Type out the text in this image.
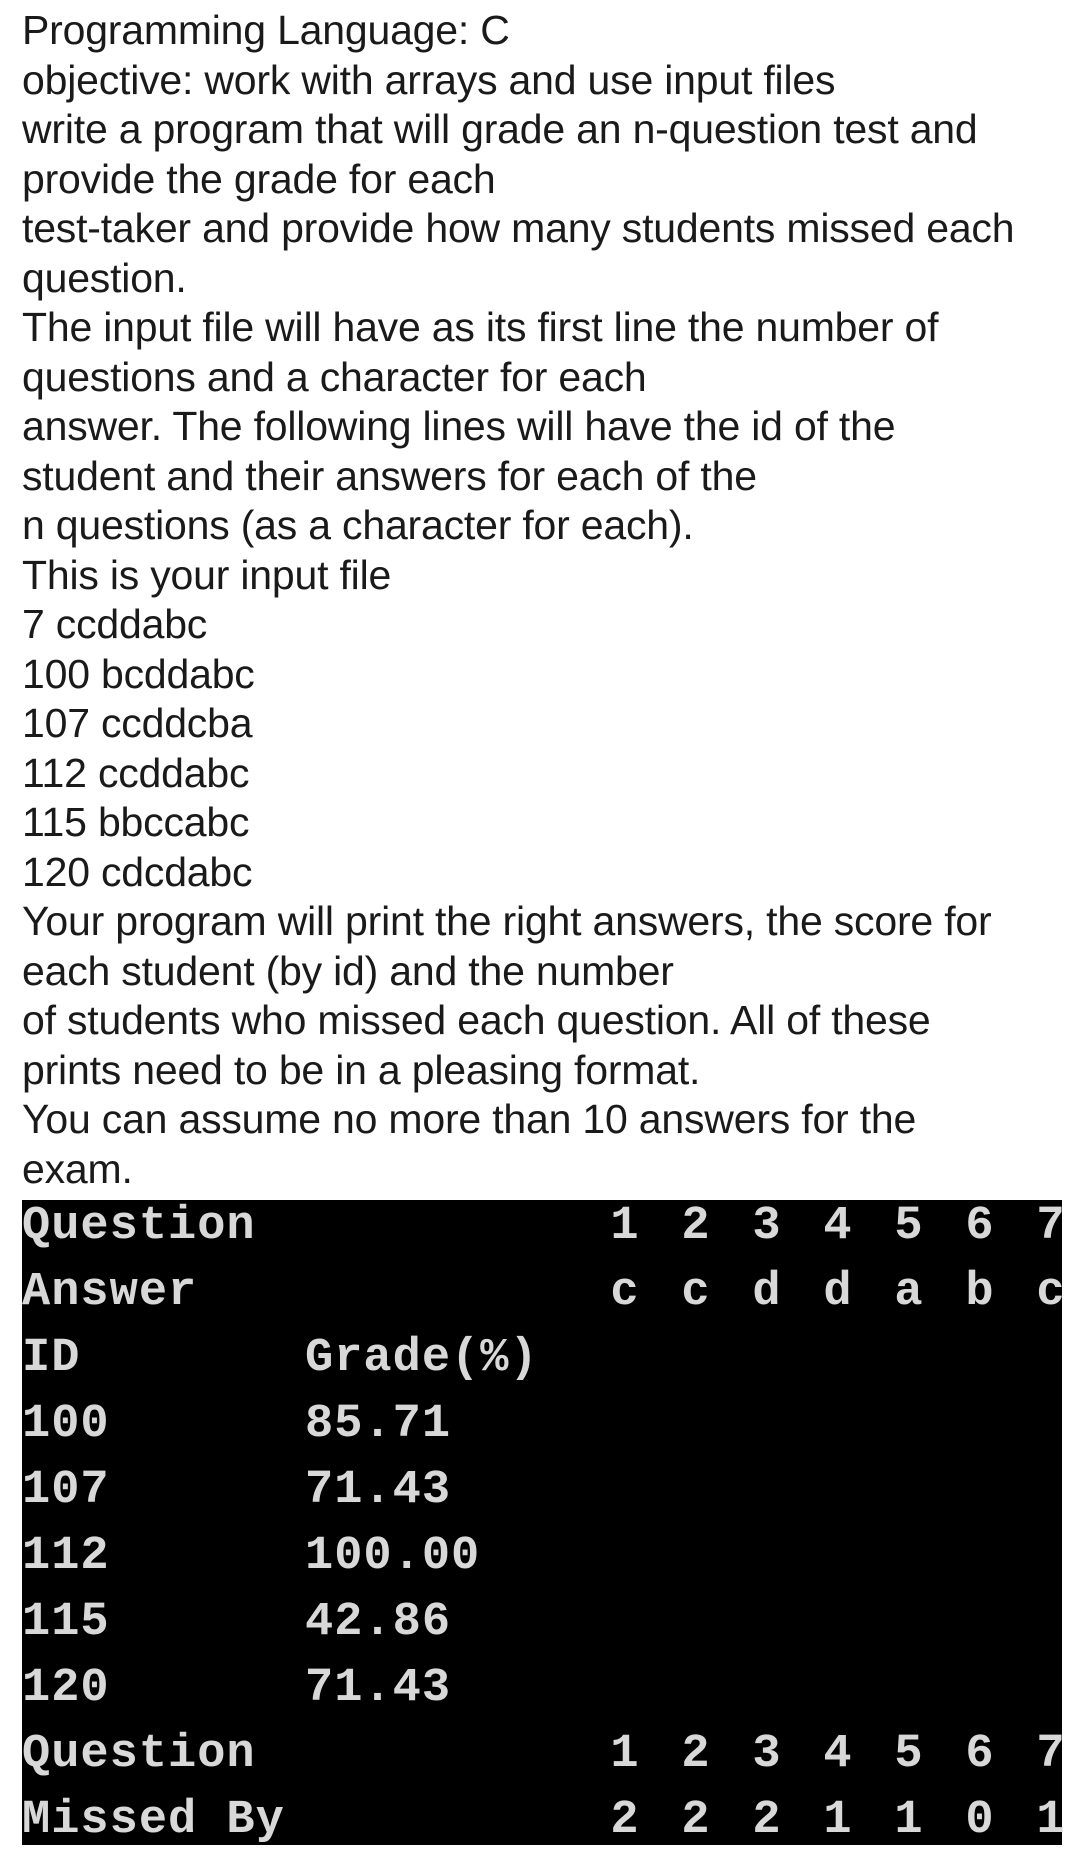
Programming Language: C
objective: work with arrays and use input files
write a program that will grade an n-question test and
provide the grade for each
test-taker and provide how many students missed each
question.
The input file will have as its first line the number of
questions and a character for each
answer. The following lines will have the id of the
student and their answers for each of the
n questions (as a character for each).
This is your input file
7 ccddabc
100 bcddabc
107 ccddcba
112 ccddabc
115 bbccabc
120 cdcdabc
Your program will print the right answers, the score for
each student (by id) and the number
of students who missed each question. All of these
prints need to be in a pleasing format.
You can assume no more than 10 answers for the
exam.
Question	1 2 3 4 5 6 7
Answer	c c d d a b c
ID	Grade(%)
100	85.71
107	71.43
112	100.00
115	42.86
120	71.43
Question	1 2 3 4 5 6 7
Missed By	2 2 2 1 1 0 1
